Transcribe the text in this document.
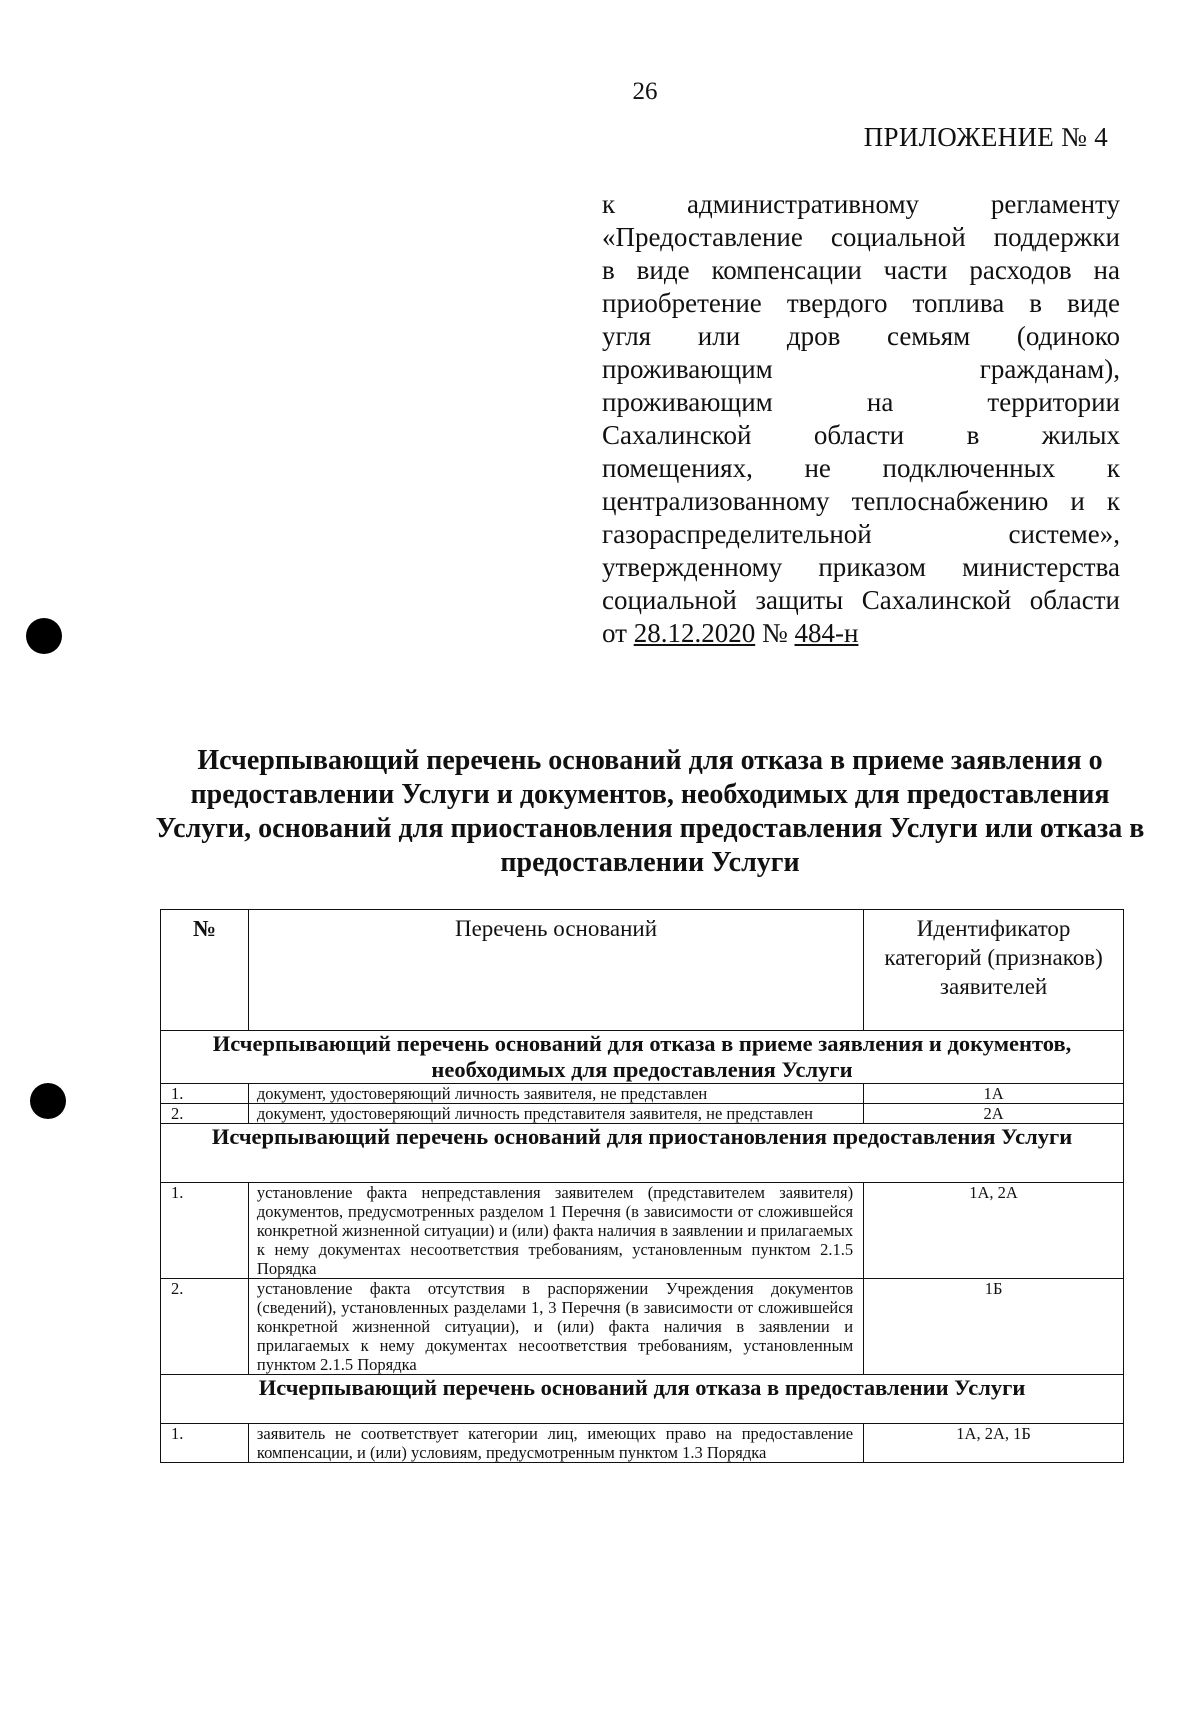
26
ПРИЛОЖЕНИЕ № 4
к административному регламенту
«Предоставление социальной поддержки
в виде компенсации части расходов на
приобретение твердого топлива в виде
угля или дров семьям (одиноко
проживающим гражданам),
проживающим на территории
Сахалинской области в жилых
помещениях, не подключенных к
централизованному теплоснабжению и к
газораспределительной системе»,
утвержденному приказом министерства
социальной защиты Сахалинской области
от 28.12.2020 № 484-н
Исчерпывающий перечень оснований для отказа в приеме заявления о предоставлении Услуги и документов, необходимых для предоставления Услуги, оснований для приостановления предоставления Услуги или отказа в предоставлении Услуги
№	Перечень оснований	Идентификатор категорий (признаков) заявителей
Исчерпывающий перечень оснований для отказа в приеме заявления и документов, необходимых для предоставления Услуги		
1.	документ, удостоверяющий личность заявителя, не представлен	1А
2.	документ, удостоверяющий личность представителя заявителя, не представлен	2А
Исчерпывающий перечень оснований для приостановления предоставления Услуги		
1.	установление факта непредставления заявителем (представителем заявителя) документов, предусмотренных разделом 1 Перечня (в зависимости от сложившейся конкретной жизненной ситуации) и (или) факта наличия в заявлении и прилагаемых к нему документах несоответствия требованиям, установленным пунктом 2.1.5 Порядка	1А, 2А
2.	установление факта отсутствия в распоряжении Учреждения документов (сведений), установленных разделами 1, 3 Перечня (в зависимости от сложившейся конкретной жизненной ситуации), и (или) факта наличия в заявлении и прилагаемых к нему документах несоответствия требованиям, установленным пунктом 2.1.5 Порядка	1Б
Исчерпывающий перечень оснований для отказа в предоставлении Услуги		
1.	заявитель не соответствует категории лиц, имеющих право на предоставление компенсации, и (или) условиям, предусмотренным пунктом 1.3 Порядка	1А, 2А, 1Б
